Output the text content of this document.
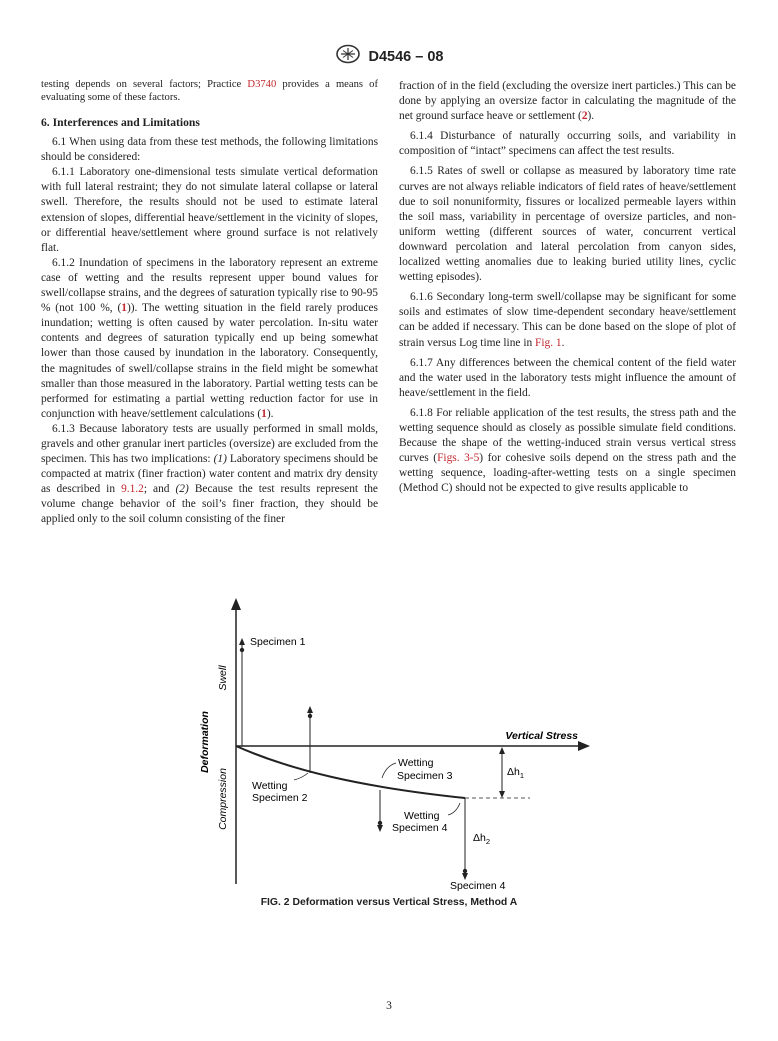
D4546 – 08

testing depends on several factors; Practice D3740 provides a means of evaluating some of these factors.

6. Interferences and Limitations

6.1 When using data from these test methods, the following limitations should be considered:

6.1.1 Laboratory one-dimensional tests simulate vertical deformation with full lateral restraint; they do not simulate lateral collapse or lateral swell. Therefore, the results should not be used to estimate lateral extension of slopes, differential heave/settlement in the vicinity of slopes, or differential heave/settlement where ground surface is not relatively flat.

6.1.2 Inundation of specimens in the laboratory represent an extreme case of wetting and the results represent upper bound values for swell/collapse strains, and the degrees of saturation typically rise to 90-95 % (not 100 %, (1)). The wetting situation in the field rarely produces inundation; wetting is often caused by water percolation. In-situ water contents and degrees of saturation typically end up being somewhat lower than those caused by inundation in the laboratory. Consequently, the magnitudes of swell/collapse strains in the field might be somewhat smaller than those measured in the laboratory. Partial wetting tests can be performed for estimating a partial wetting reduction factor for use in conjunction with heave/settlement calculations (1).

6.1.3 Because laboratory tests are usually performed in small molds, gravels and other granular inert particles (oversize) are excluded from the specimen. This has two implications: (1) Laboratory specimens should be compacted at matrix (finer fraction) water content and matrix dry density as described in 9.1.2; and (2) Because the test results represent the volume change behavior of the soil’s finer fraction, they should be applied only to the soil column consisting of the finer

fraction of in the field (excluding the oversize inert particles.) This can be done by applying an oversize factor in calculating the magnitude of the net ground surface heave or settlement (2).

6.1.4 Disturbance of naturally occurring soils, and variability in composition of “intact” specimens can affect the test results.

6.1.5 Rates of swell or collapse as measured by laboratory time rate curves are not always reliable indicators of field rates of heave/settlement due to soil nonuniformity, fissures or localized permeable layers within the soil mass, variability in percentage of oversize particles, and non-uniform wetting (different sources of water, concurrent vertical downward percolation and lateral percolation from canyon sides, localized wetting anomalies due to leaking buried utility lines, cyclic wetting episodes).

6.1.6 Secondary long-term swell/collapse may be significant for some soils and estimates of slow time-dependent secondary heave/settlement can be added if necessary. This can be done based on the slope of plot of strain versus Log time line in Fig. 1.

6.1.7 Any differences between the chemical content of the field water and the water used in the laboratory tests might influence the amount of heave/settlement in the field.

6.1.8 For reliable application of the test results, the stress path and the wetting sequence should as closely as possible simulate field conditions. Because the shape of the wetting-induced strain versus vertical stress curves (Figs. 3-5) for cohesive soils depend on the stress path and the wetting sequence, loading-after-wetting tests on a single specimen (Method C) should not be expected to give results applicable to

Deformation
Swell
Compression
Vertical Stress
Specimen 1
Wetting
Specimen 2
Wetting
Specimen 3
Wetting
Specimen 4
Specimen 4
$\Delta h_1$
$\Delta h_2$
FIG. 2 Deformation versus Vertical Stress, Method A
3
